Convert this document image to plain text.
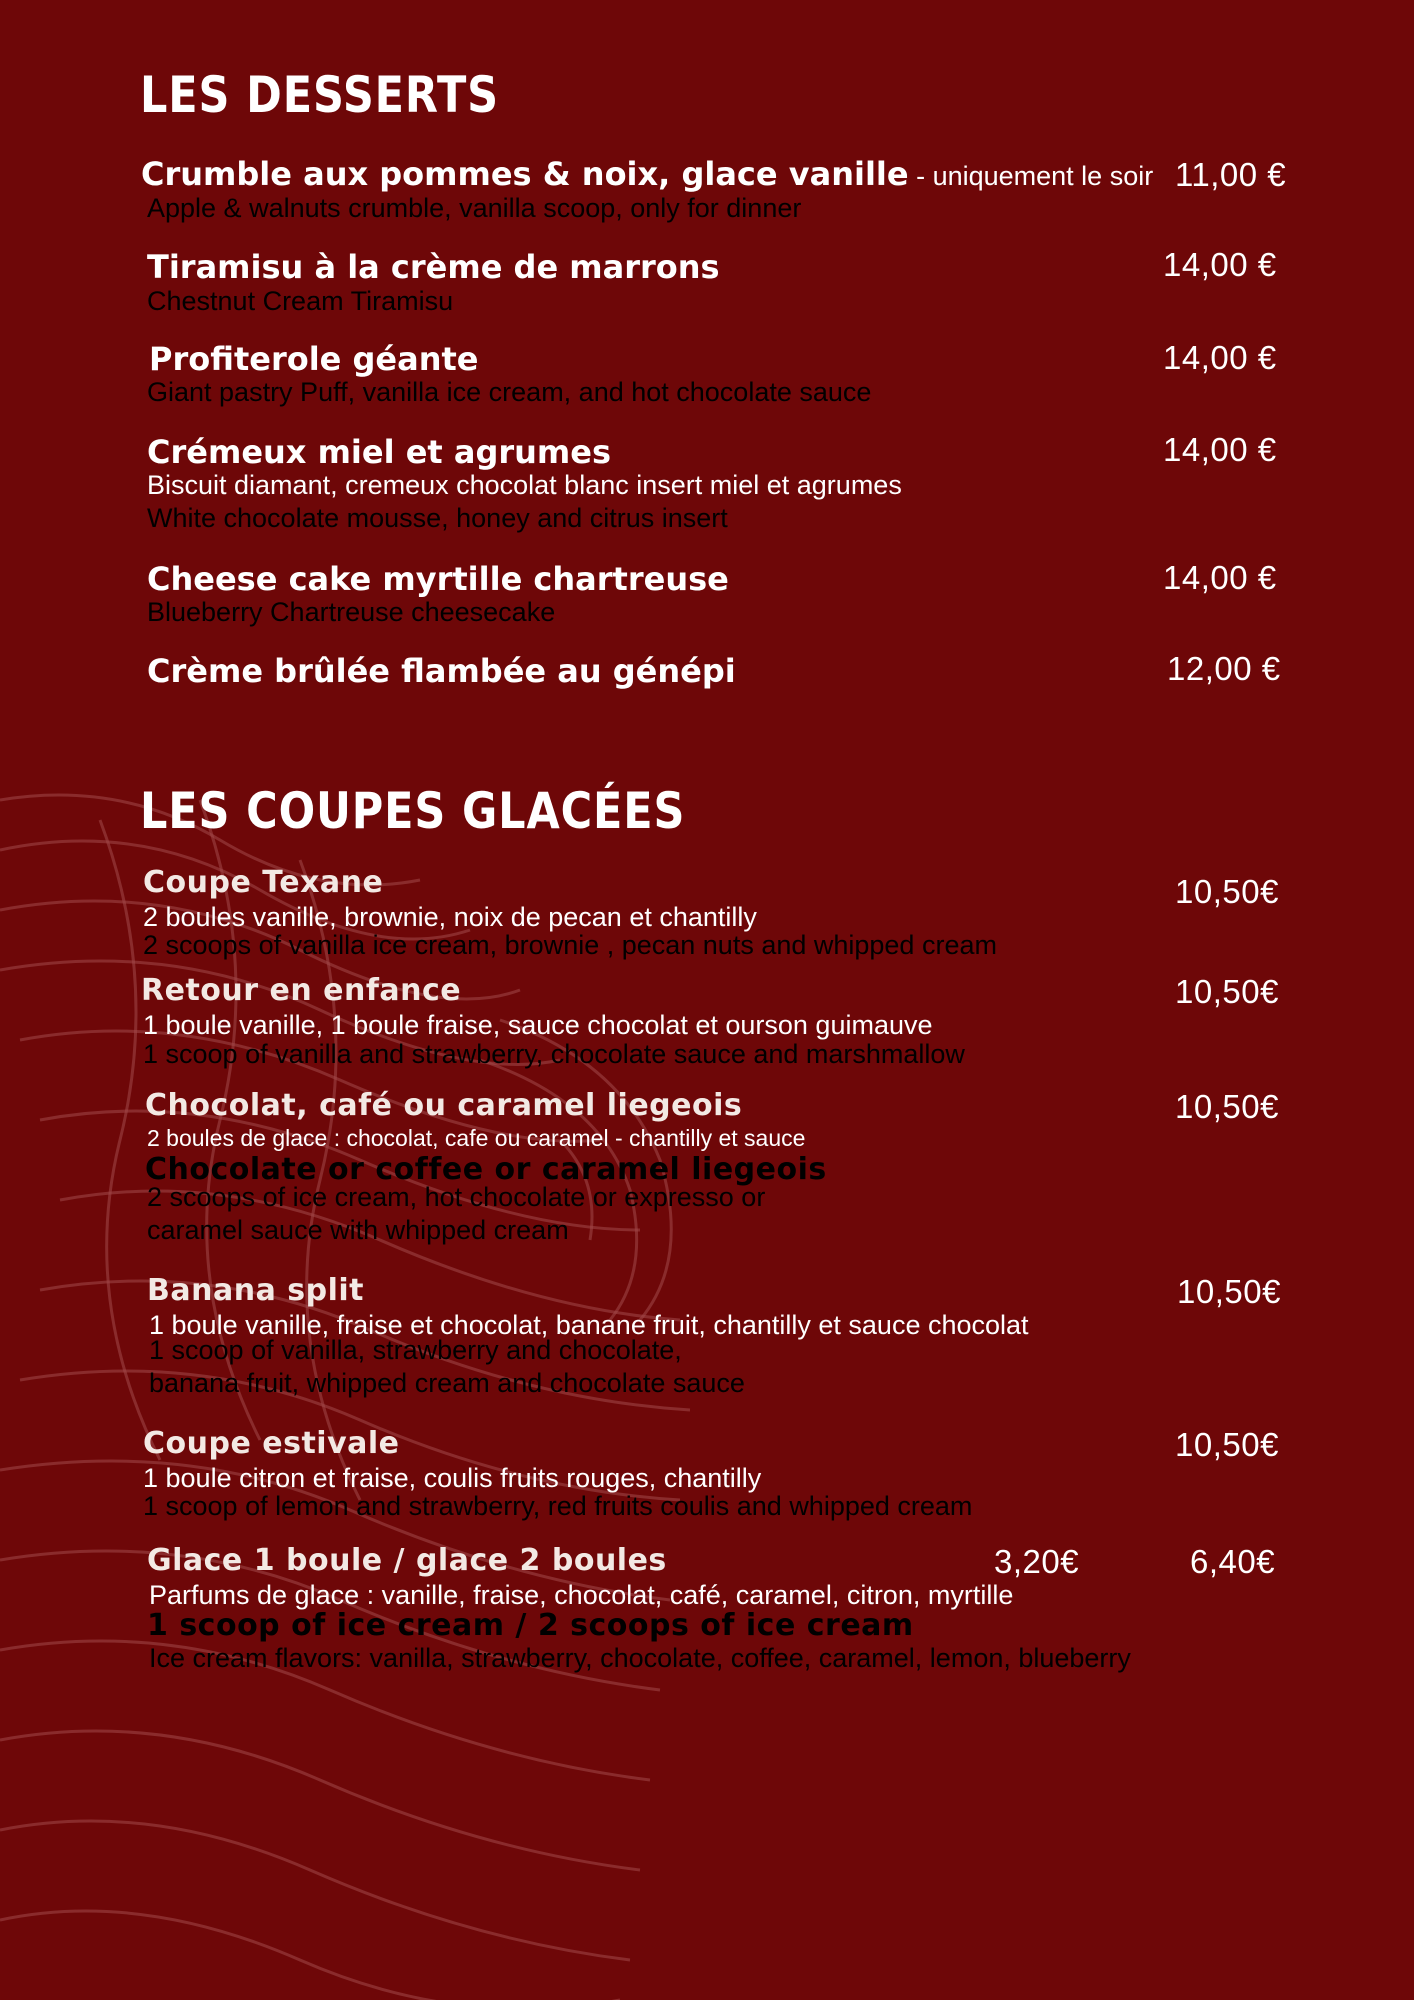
LES DESSERTS
Crumble aux pommes & noix, glace vanille - uniquement le soir
Apple & walnuts crumble, vanilla scoop, only for dinner
11,00 €
Tiramisu à la crème de marrons
Chestnut Cream Tiramisu
14,00 €
Profiterole géante
Giant pastry Puff, vanilla ice cream, and hot chocolate sauce
14,00 €
Crémeux miel et agrumes
Biscuit diamant, cremeux chocolat blanc insert miel et agrumes
White chocolate mousse, honey and citrus insert
14,00 €
Cheese cake myrtille chartreuse
Blueberry Chartreuse cheesecake
14,00 €
Crème brûlée flambée au génépi	12,00 €
LES COUPES GLACÉES
Coupe Texane
2 boules vanille, brownie, noix de pecan et chantilly
2 scoops of vanilla ice cream, brownie , pecan nuts and whipped cream
10,50€
Retour en enfance
1 boule vanille, 1 boule fraise, sauce chocolat et ourson guimauve
1 scoop of vanilla and strawberry, chocolate sauce and marshmallow
10,50€
Chocolat, café ou caramel liegeois
2 boules de glace : chocolat, cafe ou caramel - chantilly et sauce
Chocolate or coffee or caramel liegeois
2 scoops of ice cream, hot chocolate or expresso or
caramel sauce with whipped cream
10,50€
Banana split
1 boule vanille, fraise et chocolat, banane fruit, chantilly et sauce chocolat
1 scoop of vanilla, strawberry and chocolate,
banana fruit, whipped cream and chocolate sauce
10,50€
Coupe estivale
1 boule citron et fraise, coulis fruits rouges, chantilly
1 scoop of lemon and strawberry, red fruits coulis and whipped cream
10,50€
Glace 1 boule / glace 2 boules
Parfums de glace : vanille, fraise, chocolat, café, caramel, citron, myrtille
1 scoop of ice cream / 2 scoops of ice cream
Ice cream flavors: vanilla, strawberry, chocolate, coffee, caramel, lemon, blueberry
3,20€	6,40€
